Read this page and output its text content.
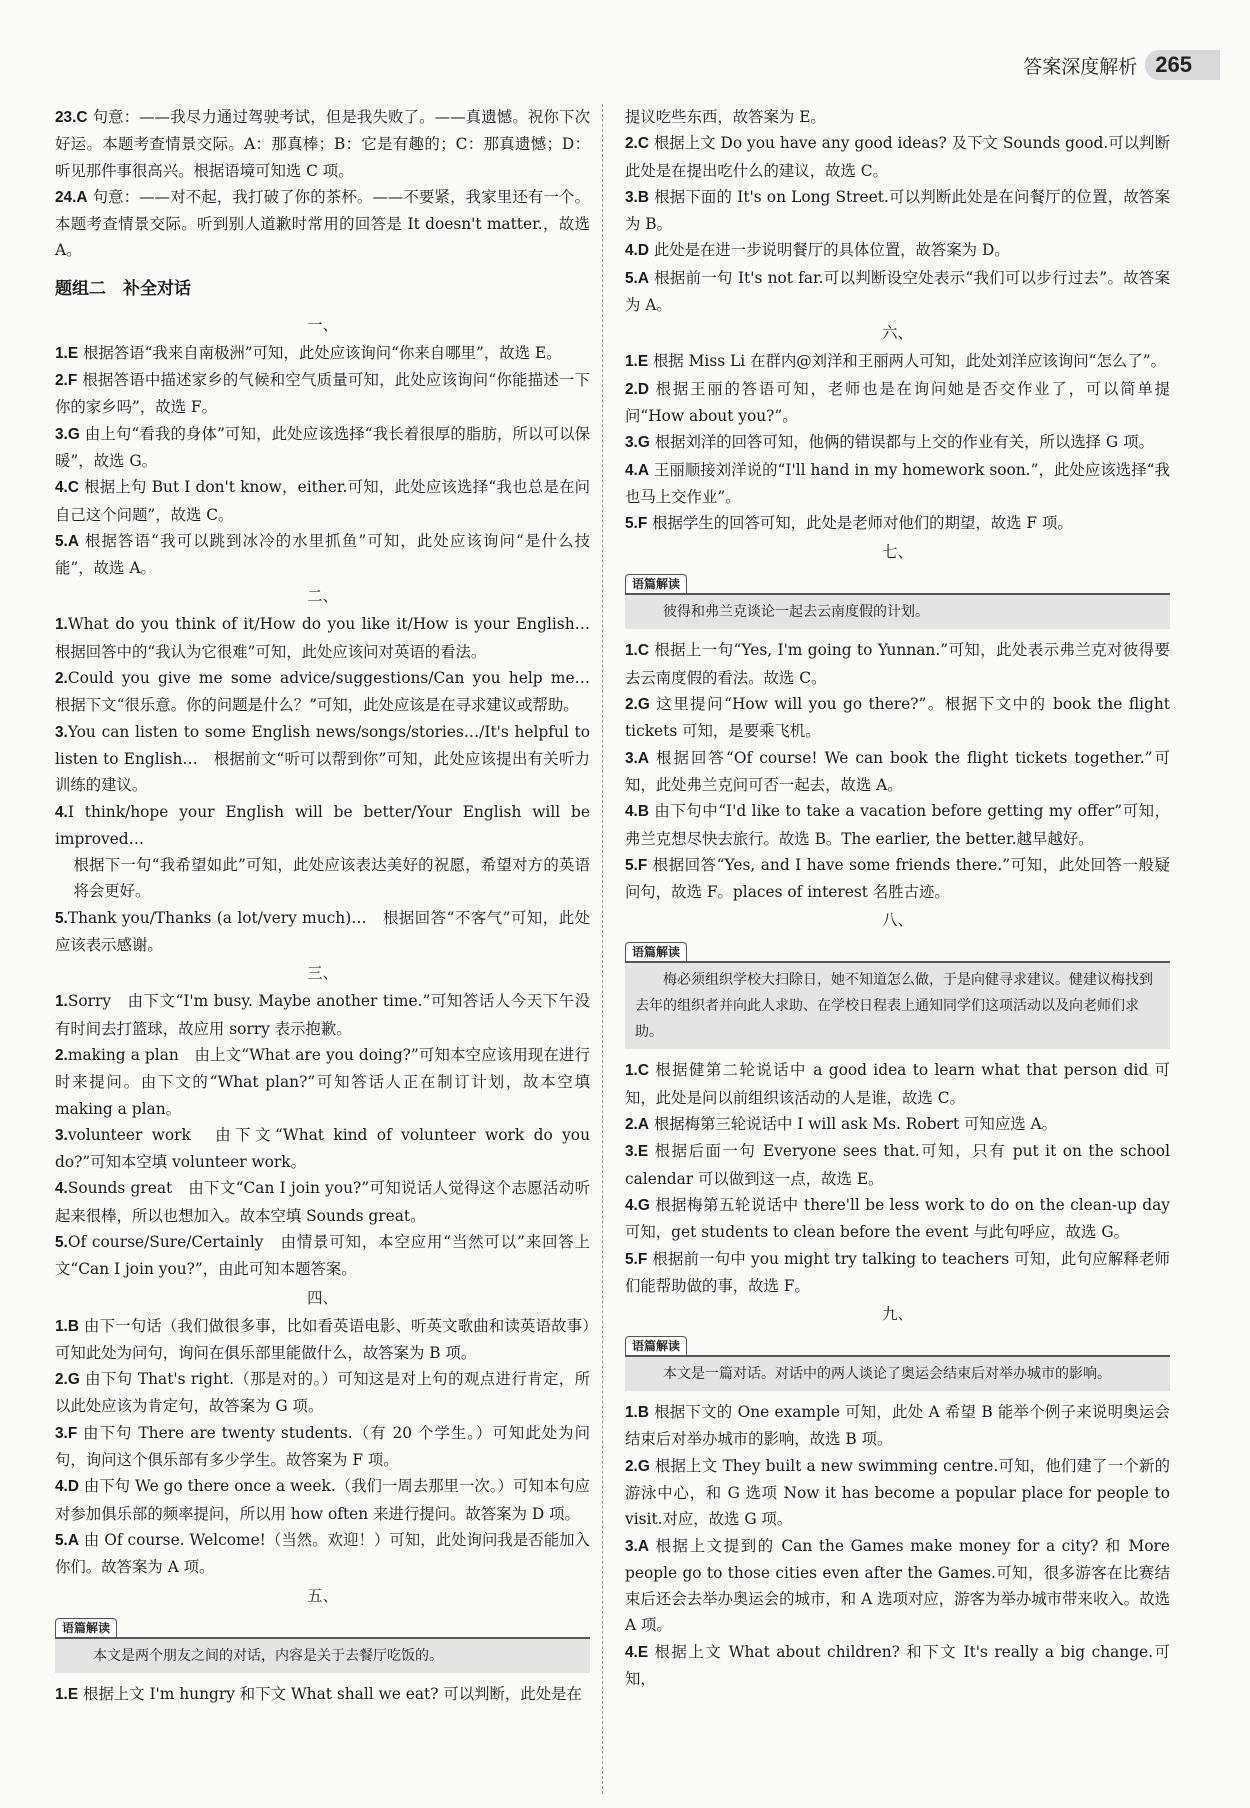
答案深度解析 265
23.C 句意：——我尽力通过驾驶考试，但是我失败了。——真遗憾。祝你下次好运。本题考查情景交际。A：那真棒；B：它是有趣的；C：那真遗憾；D：听见那件事很高兴。根据语境可知选 C 项。
24.A 句意：——对不起，我打破了你的茶杯。——不要紧，我家里还有一个。本题考查情景交际。听到别人道歉时常用的回答是 It doesn't matter.，故选 A。
题组二　补全对话
一、
1.E 根据答语“我来自南极洲”可知，此处应该询问“你来自哪里”，故选 E。
2.F 根据答语中描述家乡的气候和空气质量可知，此处应该询问“你能描述一下你的家乡吗”，故选 F。
3.G 由上句“看我的身体”可知，此处应该选择“我长着很厚的脂肪，所以可以保暖”，故选 G。
4.C 根据上句 But I don't know，either.可知，此处应该选择“我也总是在问自己这个问题”，故选 C。
5.A 根据答语“我可以跳到冰冷的水里抓鱼”可知，此处应该询问“是什么技能”，故选 A。
二、
1.What do you think of it/How do you like it/How is your English…　根据回答中的“我认为它很难”可知，此处应该问对英语的看法。
2.Could you give me some advice/suggestions/Can you help me…　根据下文“很乐意。你的问题是什么？”可知，此处应该是在寻求建议或帮助。
3.You can listen to some English news/songs/stories…/It's helpful to listen to English…　根据前文“听可以帮到你”可知，此处应该提出有关听力训练的建议。
4.I think/hope your English will be better/Your English will be improved…
根据下一句“我希望如此”可知，此处应该表达美好的祝愿，希望对方的英语将会更好。
5.Thank you/Thanks (a lot/very much)…　根据回答“不客气”可知，此处应该表示感谢。
三、
1.Sorry　由下文“I'm busy. Maybe another time.”可知答话人今天下午没有时间去打篮球，故应用 sorry 表示抱歉。
2.making a plan　由上文“What are you doing?”可知本空应该用现在进行时来提问。由下文的“What plan?”可知答话人正在制订计划，故本空填 making a plan。
3.volunteer work　由下文“What kind of volunteer work do you do?”可知本空填 volunteer work。
4.Sounds great　由下文“Can I join you?”可知说话人觉得这个志愿活动听起来很棒，所以也想加入。故本空填 Sounds great。
5.Of course/Sure/Certainly　由情景可知，本空应用“当然可以”来回答上文“Can I join you?”，由此可知本题答案。
四、
1.B 由下一句话（我们做很多事，比如看英语电影、听英文歌曲和读英语故事）可知此处为问句，询问在俱乐部里能做什么，故答案为 B 项。
2.G 由下句 That's right.（那是对的。）可知这是对上句的观点进行肯定，所以此处应该为肯定句，故答案为 G 项。
3.F 由下句 There are twenty students.（有 20 个学生。）可知此处为问句，询问这个俱乐部有多少学生。故答案为 F 项。
4.D 由下句 We go there once a week.（我们一周去那里一次。）可知本句应对参加俱乐部的频率提问，所以用 how often 来进行提问。故答案为 D 项。
5.A 由 Of course. Welcome!（当然。欢迎！）可知，此处询问我是否能加入你们。故答案为 A 项。
五、
语篇解读
本文是两个朋友之间的对话，内容是关于去餐厅吃饭的。
1.E 根据上文 I'm hungry 和下文 What shall we eat? 可以判断，此处是在
提议吃些东西，故答案为 E。
2.C 根据上文 Do you have any good ideas? 及下文 Sounds good.可以判断此处是在提出吃什么的建议，故选 C。
3.B 根据下面的 It's on Long Street.可以判断此处是在问餐厅的位置，故答案为 B。
4.D 此处是在进一步说明餐厅的具体位置，故答案为 D。
5.A 根据前一句 It's not far.可以判断设空处表示“我们可以步行过去”。故答案为 A。
六、
1.E 根据 Miss Li 在群内@刘洋和王丽两人可知，此处刘洋应该询问“怎么了”。
2.D 根据王丽的答语可知，老师也是在询问她是否交作业了，可以简单提问“How about you?”。
3.G 根据刘洋的回答可知，他俩的错误都与上交的作业有关，所以选择 G 项。
4.A 王丽顺接刘洋说的“I'll hand in my homework soon.”，此处应该选择“我也马上交作业”。
5.F 根据学生的回答可知，此处是老师对他们的期望，故选 F 项。
七、
语篇解读
彼得和弗兰克谈论一起去云南度假的计划。
1.C 根据上一句“Yes, I'm going to Yunnan.”可知，此处表示弗兰克对彼得要去云南度假的看法。故选 C。
2.G 这里提问“How will you go there?”。根据下文中的 book the flight tickets 可知，是要乘飞机。
3.A 根据回答“Of course! We can book the flight tickets together.”可知，此处弗兰克问可否一起去，故选 A。
4.B 由下句中“I'd like to take a vacation before getting my offer”可知，弗兰克想尽快去旅行。故选 B。The earlier, the better.越早越好。
5.F 根据回答“Yes, and I have some friends there.”可知，此处回答一般疑问句，故选 F。places of interest 名胜古迹。
八、
语篇解读
梅必须组织学校大扫除日，她不知道怎么做，于是向健寻求建议。健建议梅找到去年的组织者并向此人求助、在学校日程表上通知同学们这项活动以及向老师们求助。
1.C 根据健第二轮说话中 a good idea to learn what that person did 可知，此处是问以前组织该活动的人是谁，故选 C。
2.A 根据梅第三轮说话中 I will ask Ms. Robert 可知应选 A。
3.E 根据后面一句 Everyone sees that.可知，只有 put it on the school calendar 可以做到这一点，故选 E。
4.G 根据梅第五轮说话中 there'll be less work to do on the clean-up day 可知，get students to clean before the event 与此句呼应，故选 G。
5.F 根据前一句中 you might try talking to teachers 可知，此句应解释老师们能帮助做的事，故选 F。
九、
语篇解读
本文是一篇对话。对话中的两人谈论了奥运会结束后对举办城市的影响。
1.B 根据下文的 One example 可知，此处 A 希望 B 能举个例子来说明奥运会结束后对举办城市的影响，故选 B 项。
2.G 根据上文 They built a new swimming centre.可知，他们建了一个新的游泳中心，和 G 选项 Now it has become a popular place for people to visit.对应，故选 G 项。
3.A 根据上文提到的 Can the Games make money for a city? 和 More people go to those cities even after the Games.可知，很多游客在比赛结束后还会去举办奥运会的城市，和 A 选项对应，游客为举办城市带来收入。故选 A 项。
4.E 根据上文 What about children? 和下文 It's really a big change.可知，
